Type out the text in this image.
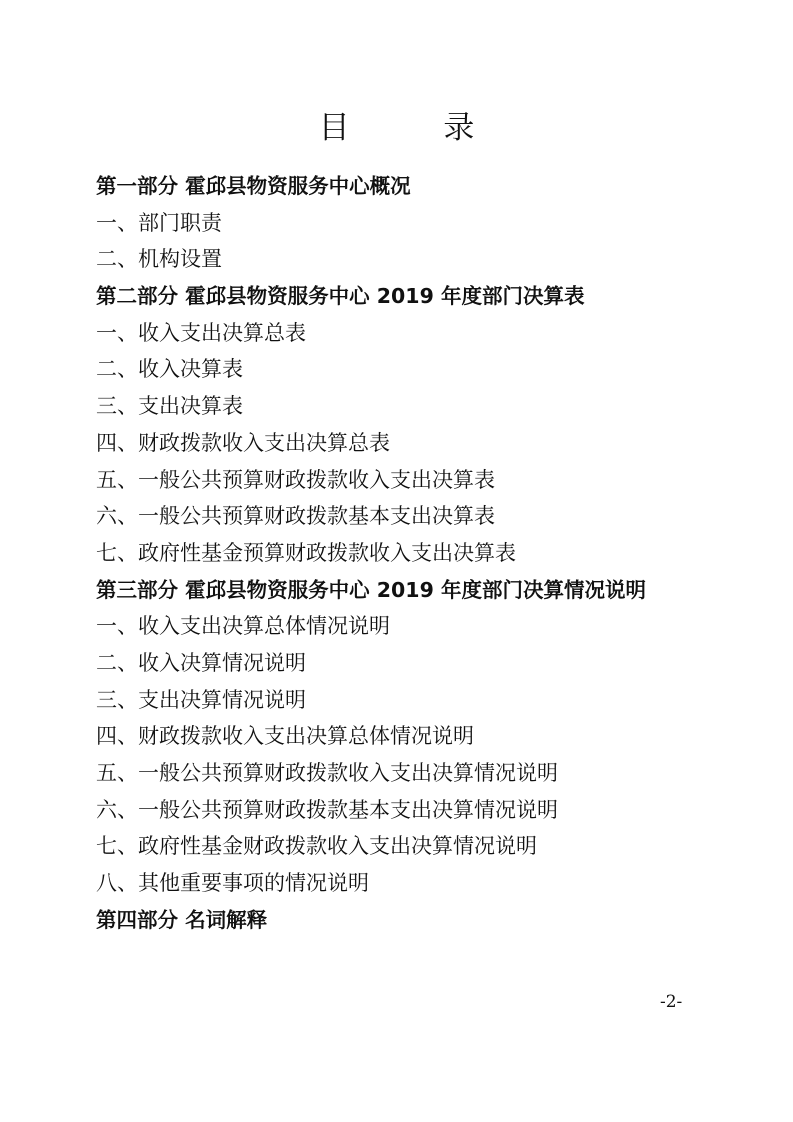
目 录
第一部分 霍邱县物资服务中心概况
一、部门职责
二、机构设置
第二部分 霍邱县物资服务中心 2019 年度部门决算表
一、收入支出决算总表
二、收入决算表
三、支出决算表
四、财政拨款收入支出决算总表
五、一般公共预算财政拨款收入支出决算表
六、一般公共预算财政拨款基本支出决算表
七、政府性基金预算财政拨款收入支出决算表
第三部分 霍邱县物资服务中心 2019 年度部门决算情况说明
一、收入支出决算总体情况说明
二、收入决算情况说明
三、支出决算情况说明
四、财政拨款收入支出决算总体情况说明
五、一般公共预算财政拨款收入支出决算情况说明
六、一般公共预算财政拨款基本支出决算情况说明
七、政府性基金财政拨款收入支出决算情况说明
八、其他重要事项的情况说明
第四部分 名词解释
-2-
